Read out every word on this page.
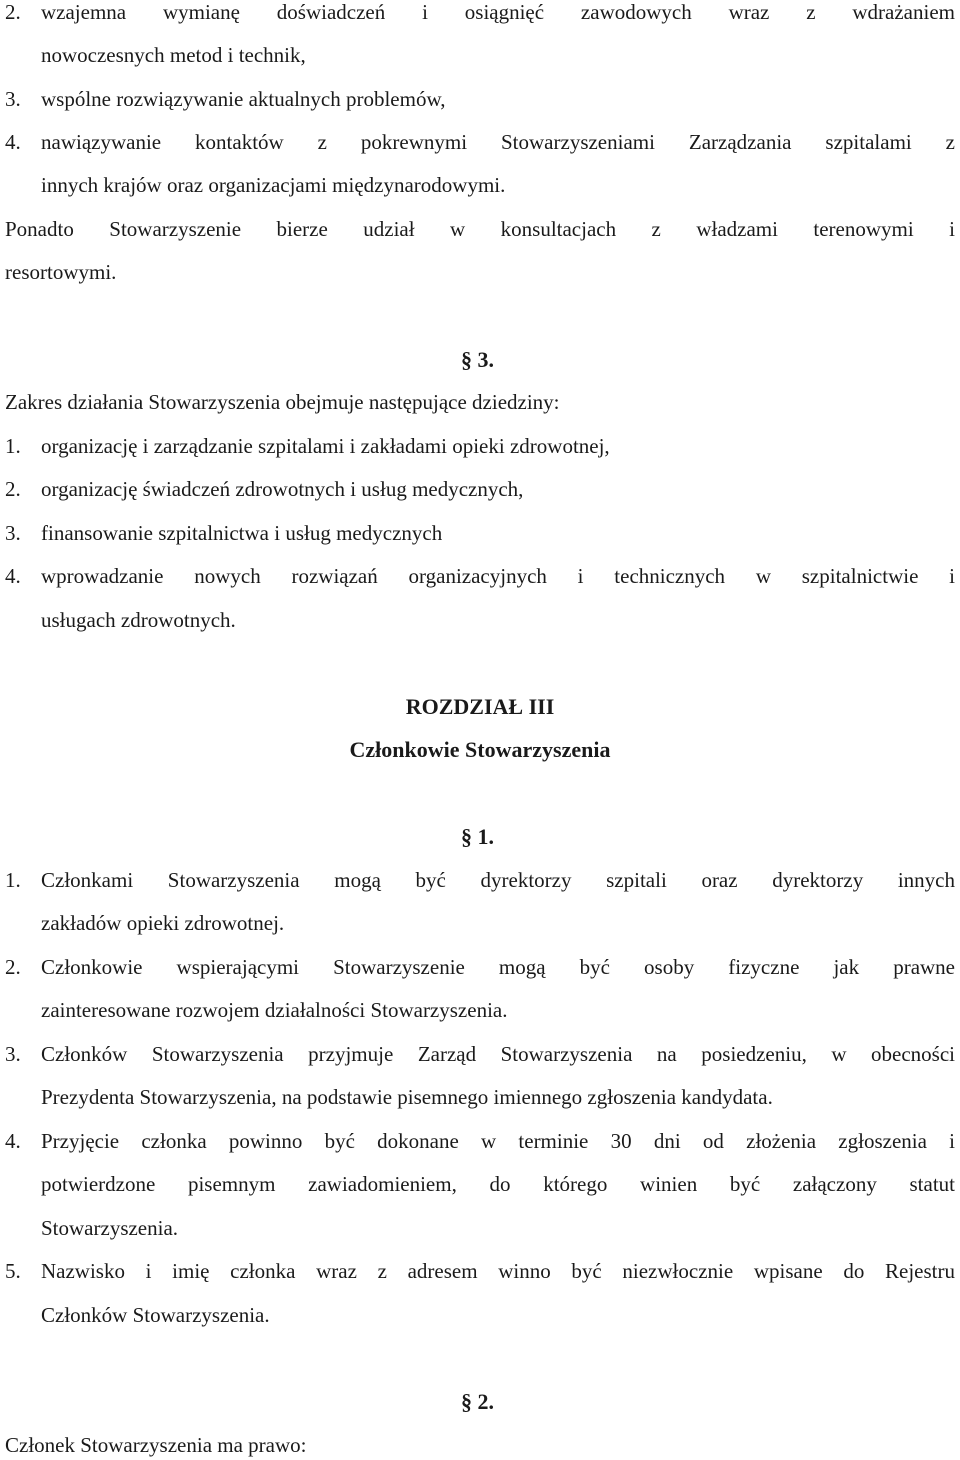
2. wzajemna wymianę doświadczeń i osiągnięć zawodowych wraz z wdrażaniem
nowoczesnych metod i technik,
3. wspólne rozwiązywanie aktualnych problemów,
4. nawiązywanie kontaktów z pokrewnymi Stowarzyszeniami Zarządzania szpitalami z
innych krajów oraz organizacjami międzynarodowymi.
Ponadto Stowarzyszenie bierze udział w konsultacjach z władzami terenowymi i
resortowymi.
§ 3.
Zakres działania Stowarzyszenia obejmuje następujące dziedziny:
1. organizację i zarządzanie szpitalami i zakładami opieki zdrowotnej,
2. organizację świadczeń zdrowotnych i usług medycznych,
3. finansowanie szpitalnictwa i usług medycznych
4. wprowadzanie nowych rozwiązań organizacyjnych i technicznych w szpitalnictwie i
usługach zdrowotnych.
ROZDZIAŁ III
Członkowie Stowarzyszenia
§ 1.
1. Członkami Stowarzyszenia mogą być dyrektorzy szpitali oraz dyrektorzy innych
zakładów opieki zdrowotnej.
2. Członkowie wspierającymi Stowarzyszenie mogą być osoby fizyczne jak prawne
zainteresowane rozwojem działalności Stowarzyszenia.
3. Członków Stowarzyszenia przyjmuje Zarząd Stowarzyszenia na posiedzeniu, w obecności
Prezydenta Stowarzyszenia, na podstawie pisemnego imiennego zgłoszenia kandydata.
4. Przyjęcie członka powinno być dokonane w terminie 30 dni od złożenia zgłoszenia i
potwierdzone pisemnym zawiadomieniem, do którego winien być załączony statut
Stowarzyszenia.
5. Nazwisko i imię członka wraz z adresem winno być niezwłocznie wpisane do Rejestru
Członków Stowarzyszenia.
§ 2.
Członek Stowarzyszenia ma prawo:
